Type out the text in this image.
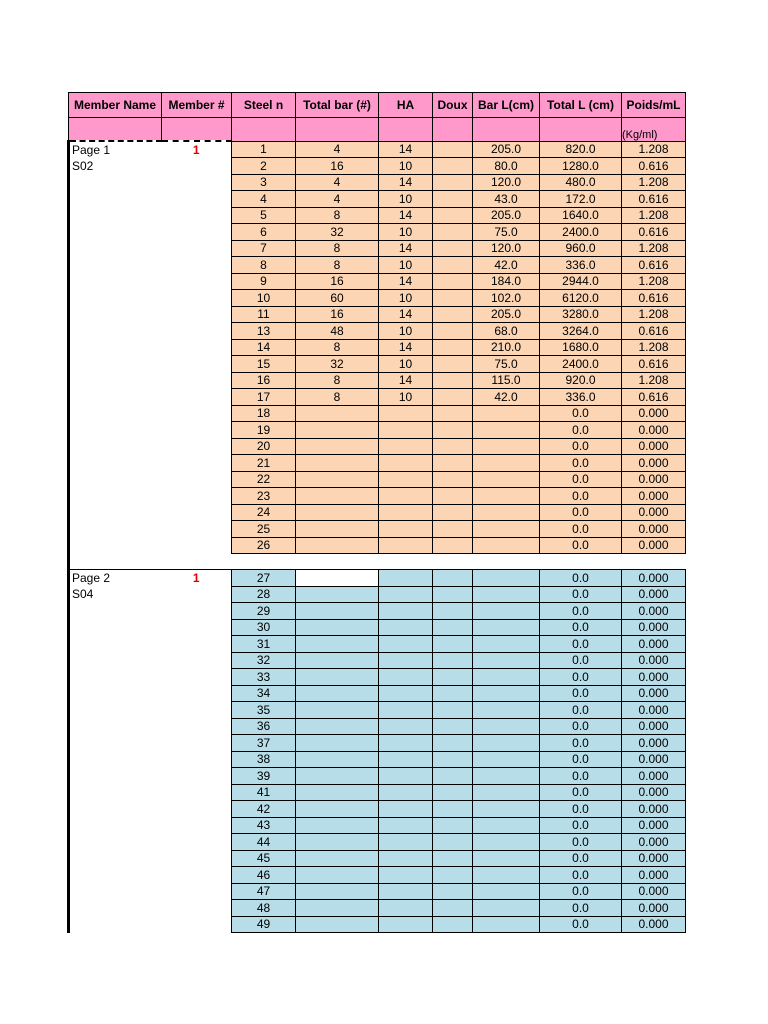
Member Name	Member #	Steel n	Total bar (#)	HA	Doux	Bar L(cm)	Total L (cm)	Poids/mL
								(Kg/ml)
Page 1	1	1	4	14		205.0	820.0	1.208
S02		2	16	10		80.0	1280.0	0.616
		3	4	14		120.0	480.0	1.208
		4	4	10		43.0	172.0	0.616
		5	8	14		205.0	1640.0	1.208
		6	32	10		75.0	2400.0	0.616
		7	8	14		120.0	960.0	1.208
		8	8	10		42.0	336.0	0.616
		9	16	14		184.0	2944.0	1.208
		10	60	10		102.0	6120.0	0.616
		11	16	14		205.0	3280.0	1.208
		13	48	10		68.0	3264.0	0.616
		14	8	14		210.0	1680.0	1.208
		15	32	10		75.0	2400.0	0.616
		16	8	14		115.0	920.0	1.208
		17	8	10		42.0	336.0	0.616
		18					0.0	0.000
		19					0.0	0.000
		20					0.0	0.000
		21					0.0	0.000
		22					0.0	0.000
		23					0.0	0.000
		24					0.0	0.000
		25					0.0	0.000
		26					0.0	0.000

Page 2	1	27					0.0	0.000
S04		28					0.0	0.000
		29					0.0	0.000
		30					0.0	0.000
		31					0.0	0.000
		32					0.0	0.000
		33					0.0	0.000
		34					0.0	0.000
		35					0.0	0.000
		36					0.0	0.000
		37					0.0	0.000
		38					0.0	0.000
		39					0.0	0.000
		41					0.0	0.000
		42					0.0	0.000
		43					0.0	0.000
		44					0.0	0.000
		45					0.0	0.000
		46					0.0	0.000
		47					0.0	0.000
		48					0.0	0.000
		49					0.0	0.000
